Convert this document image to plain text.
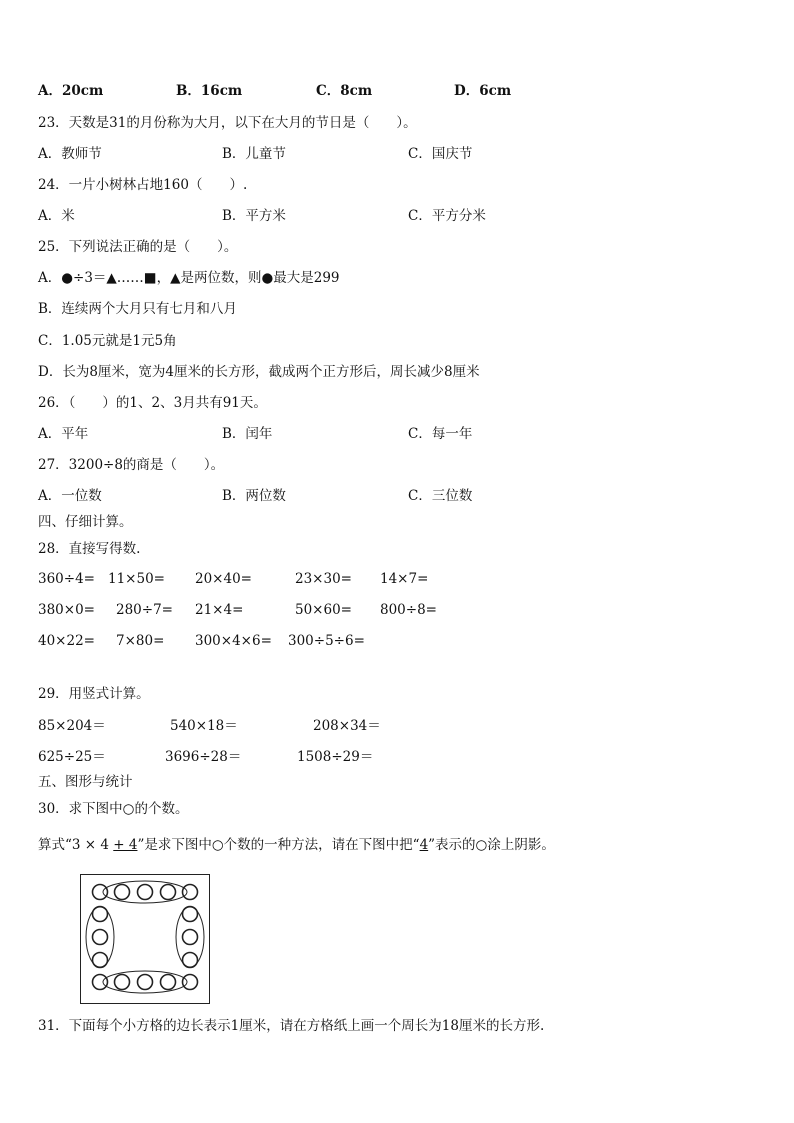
A．20cm	B．16cm	C．8cm	D．6cm
23．天数是31的月份称为大月，以下在大月的节日是（　　）。
A．教师节	B．儿童节	C．国庆节
24．一片小树林占地160（　　）.
A．米	B．平方米	C．平方分米
25．下列说法正确的是（　　）。
A．●÷3＝▲……■，▲是两位数，则●最大是299
B．连续两个大月只有七月和八月
C．1.05元就是1元5角
D．长为8厘米，宽为4厘米的长方形，截成两个正方形后，周长减少8厘米
26．（　　）的1、2、3月共有91天。
A．平年	B．闰年	C．每一年
27．3200÷8的商是（　　）。
A．一位数	B．两位数	C．三位数
四、仔细计算。
28．直接写得数.
360÷4= 11×50= 20×40=	23×30= 14×7=
380×0= 280÷7= 21×4=	50×60= 800÷8=
40×22= 7×80= 300×4×6= 300÷5÷6=
29．用竖式计算。
85×204＝	540×18＝	208×34＝
625÷25＝	3696÷28＝	1508÷29＝
五、图形与统计
30．求下图中○的个数。
算式“3 × 4 + 4”是求下图中○个数的一种方法，请在下图中把“4”表示的○涂上阴影。
31．下面每个小方格的边长表示1厘米，请在方格纸上画一个周长为18厘米的长方形.
